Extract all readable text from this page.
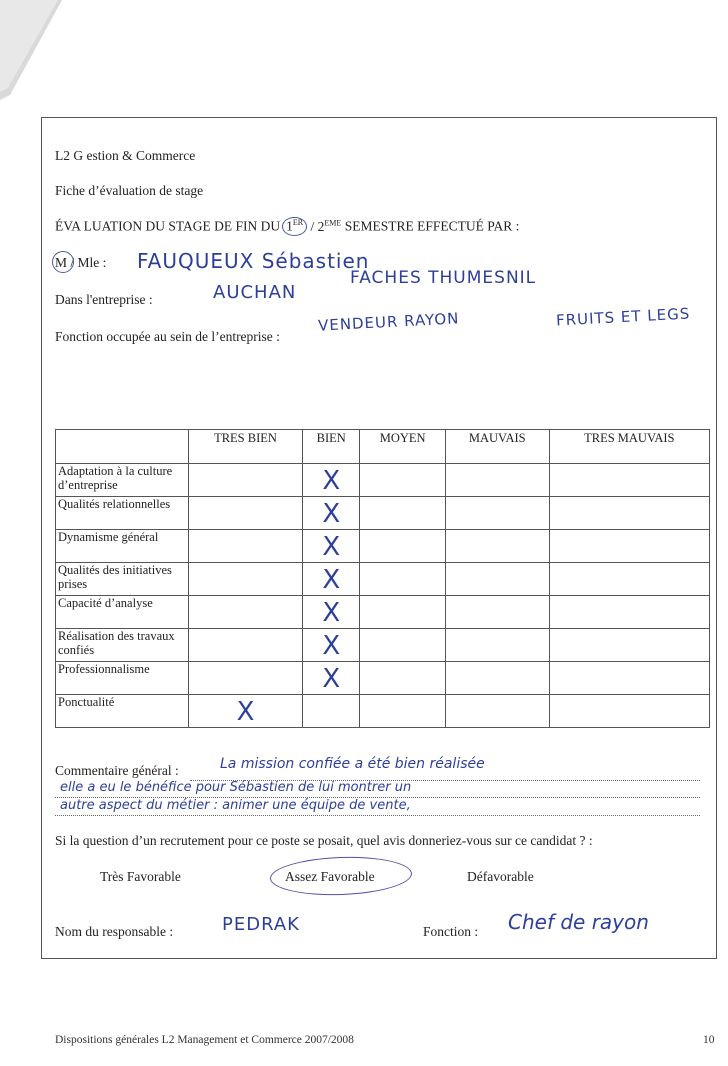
L2 G estion & Commerce
Fiche d’évaluation de stage
ÉVA LUATION DU STAGE DE FIN DU 1ER / 2EME SEMESTRE EFFECTUÉ PAR :
M / Mle : FAUQUEUX Sébastien
Dans l'entreprise :	AUCHAN
FACHES THUMESNIL
Fonction occupée au sein de l’entreprise :
VENDEUR RAYON	FRUITS ET LEGS
	TRES BIEN	BIEN	MOYEN	MAUVAIS	TRES MAUVAIS
Adaptation à la culture d’entreprise		X			

Qualités relationnelles		X			

Dynamisme général		X			

Qualités des initiatives prises		X			

Capacité d’analyse		X			

Réalisation des travaux confiés		X			

Professionnalisme		X			

Ponctualité	X				

Commentaire général :	La mission confiée a été bien réalisée
elle a eu le bénéfice pour Sébastien de lui montrer un
autre aspect du métier : animer une équipe de vente,
Si la question d’un recrutement pour ce poste se posait, quel avis donneriez-vous sur ce candidat ? :
Très Favorable	Assez Favorable	Défavorable
Nom du responsable :	PEDRAK	Fonction : Chef de rayon
Dispositions générales L2 Management et Commerce 2007/2008	10
